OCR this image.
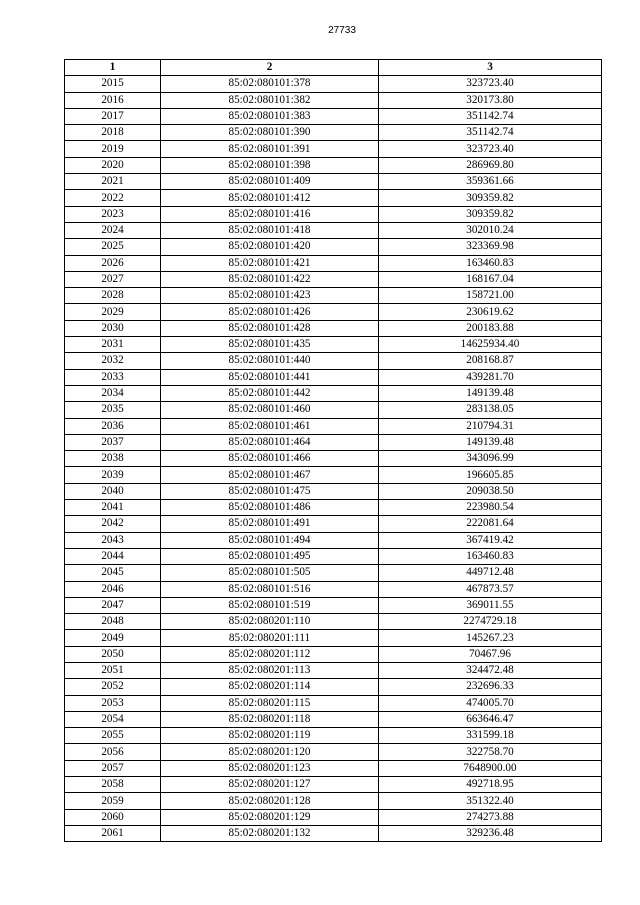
27733
1	2	3
2015	85:02:080101:378	323723.40
2016	85:02:080101:382	320173.80
2017	85:02:080101:383	351142.74
2018	85:02:080101:390	351142.74
2019	85:02:080101:391	323723.40
2020	85:02:080101:398	286969.80
2021	85:02:080101:409	359361.66
2022	85:02:080101:412	309359.82
2023	85:02:080101:416	309359.82
2024	85:02:080101:418	302010.24
2025	85:02:080101:420	323369.98
2026	85:02:080101:421	163460.83
2027	85:02:080101:422	168167.04
2028	85:02:080101:423	158721.00
2029	85:02:080101:426	230619.62
2030	85:02:080101:428	200183.88
2031	85:02:080101:435	14625934.40
2032	85:02:080101:440	208168.87
2033	85:02:080101:441	439281.70
2034	85:02:080101:442	149139.48
2035	85:02:080101:460	283138.05
2036	85:02:080101:461	210794.31
2037	85:02:080101:464	149139.48
2038	85:02:080101:466	343096.99
2039	85:02:080101:467	196605.85
2040	85:02:080101:475	209038.50
2041	85:02:080101:486	223980.54
2042	85:02:080101:491	222081.64
2043	85:02:080101:494	367419.42
2044	85:02:080101:495	163460.83
2045	85:02:080101:505	449712.48
2046	85:02:080101:516	467873.57
2047	85:02:080101:519	369011.55
2048	85:02:080201:110	2274729.18
2049	85:02:080201:111	145267.23
2050	85:02:080201:112	70467.96
2051	85:02:080201:113	324472.48
2052	85:02:080201:114	232696.33
2053	85:02:080201:115	474005.70
2054	85:02:080201:118	663646.47
2055	85:02:080201:119	331599.18
2056	85:02:080201:120	322758.70
2057	85:02:080201:123	7648900.00
2058	85:02:080201:127	492718.95
2059	85:02:080201:128	351322.40
2060	85:02:080201:129	274273.88
2061	85:02:080201:132	329236.48
